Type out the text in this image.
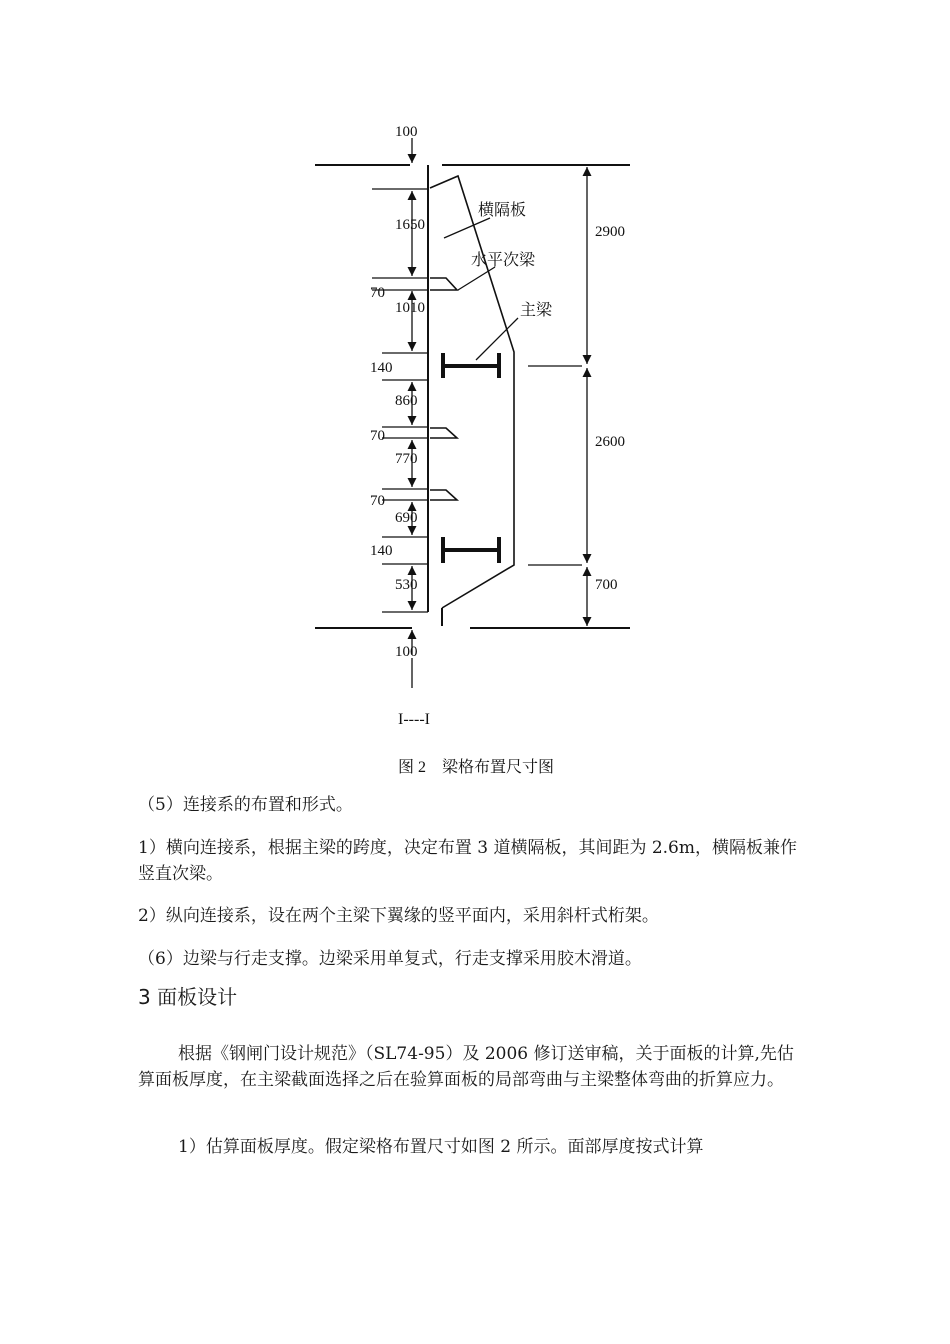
100
1650
70
1010
140
860
70
770
70
690
140
530
100
2900
2600
700
横隔板
水平次梁
主梁
I----I
图 2　梁格布置尺寸图

（5）连接系的布置和形式。

1）横向连接系，根据主梁的跨度，决定布置 3 道横隔板，其间距为 2.6m，横隔板兼作竖直次梁。

2）纵向连接系，设在两个主梁下翼缘的竖平面内，采用斜杆式桁架。

（6）边梁与行走支撑。边梁采用单复式，行走支撑采用胶木滑道。

3 面板设计

根据《钢闸门设计规范》（SL74-95）及 2006 修订送审稿，关于面板的计算,先估算面板厚度，在主梁截面选择之后在验算面板的局部弯曲与主梁整体弯曲的折算应力。

1）估算面板厚度。假定梁格布置尺寸如图 2 所示。面部厚度按式计算
